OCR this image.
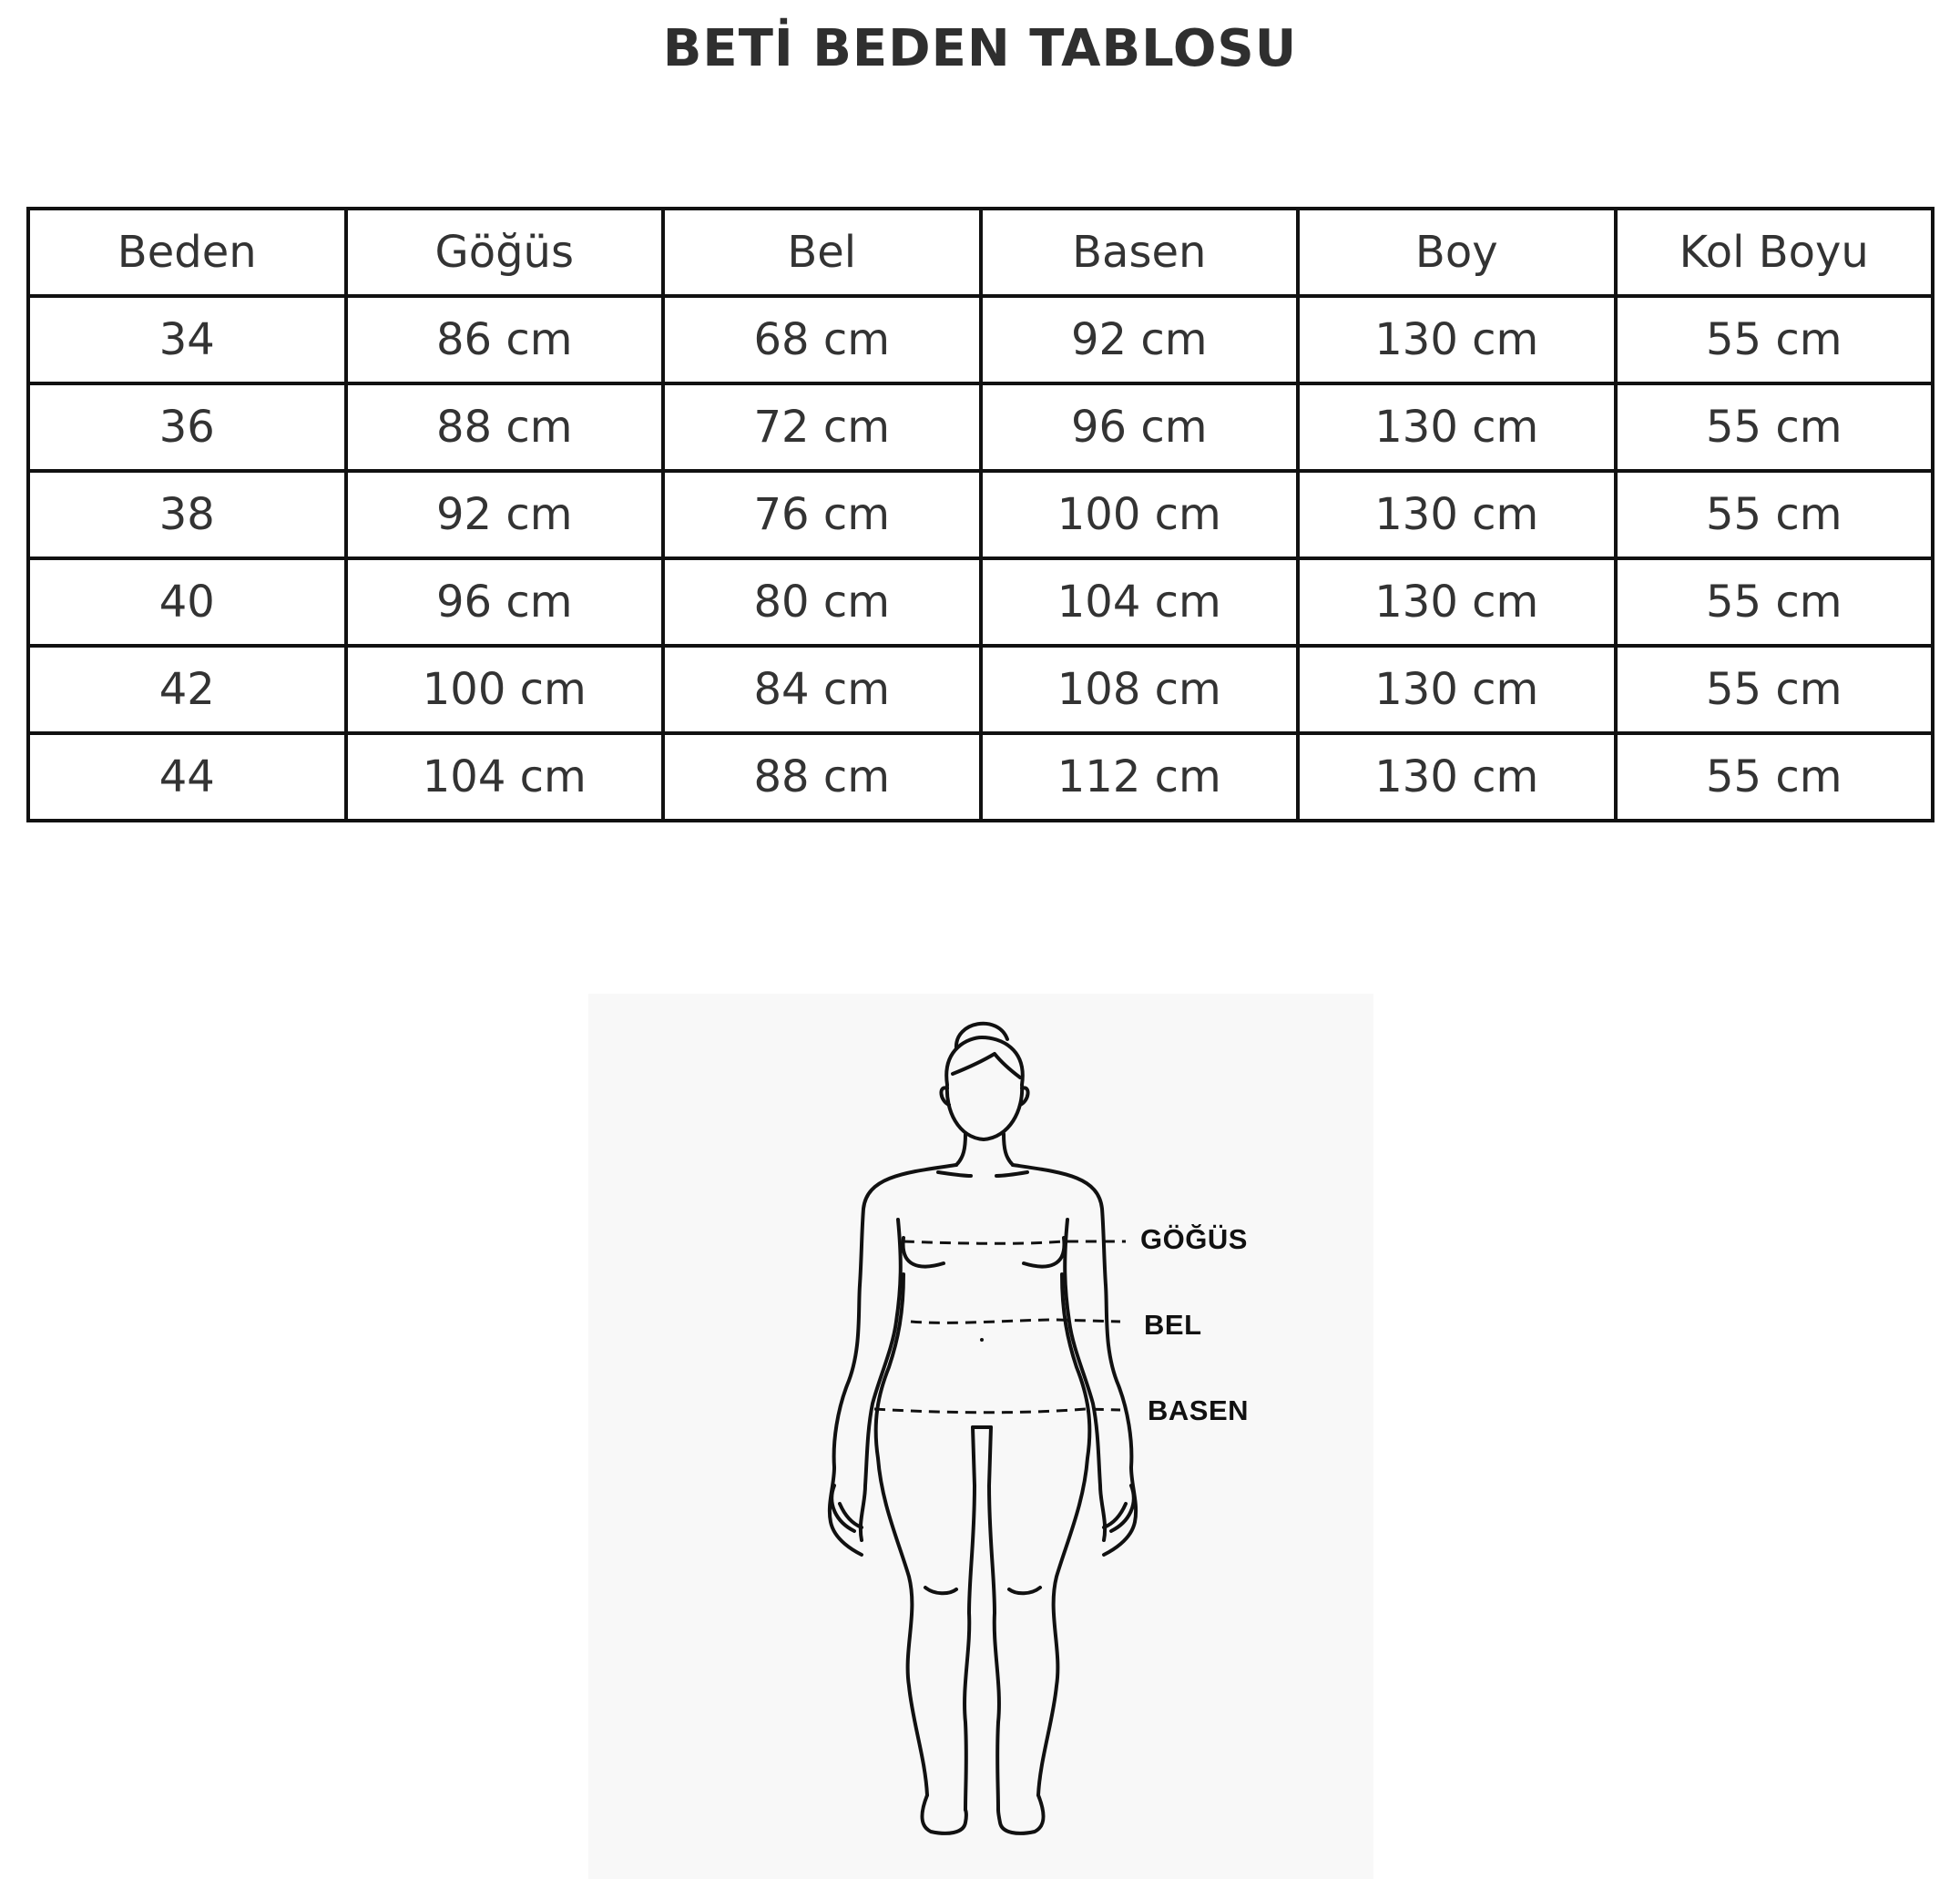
BETİ BEDEN TABLOSU
Beden	Göğüs	Bel	Basen	Boy	Kol Boyu
34	86 cm	68 cm	92 cm	130 cm	55 cm
36	88 cm	72 cm	96 cm	130 cm	55 cm
38	92 cm	76 cm	100 cm	130 cm	55 cm
40	96 cm	80 cm	104 cm	130 cm	55 cm
42	100 cm	84 cm	108 cm	130 cm	55 cm
44	104 cm	88 cm	112 cm	130 cm	55 cm
GÖĞÜS
BEL
BASEN
